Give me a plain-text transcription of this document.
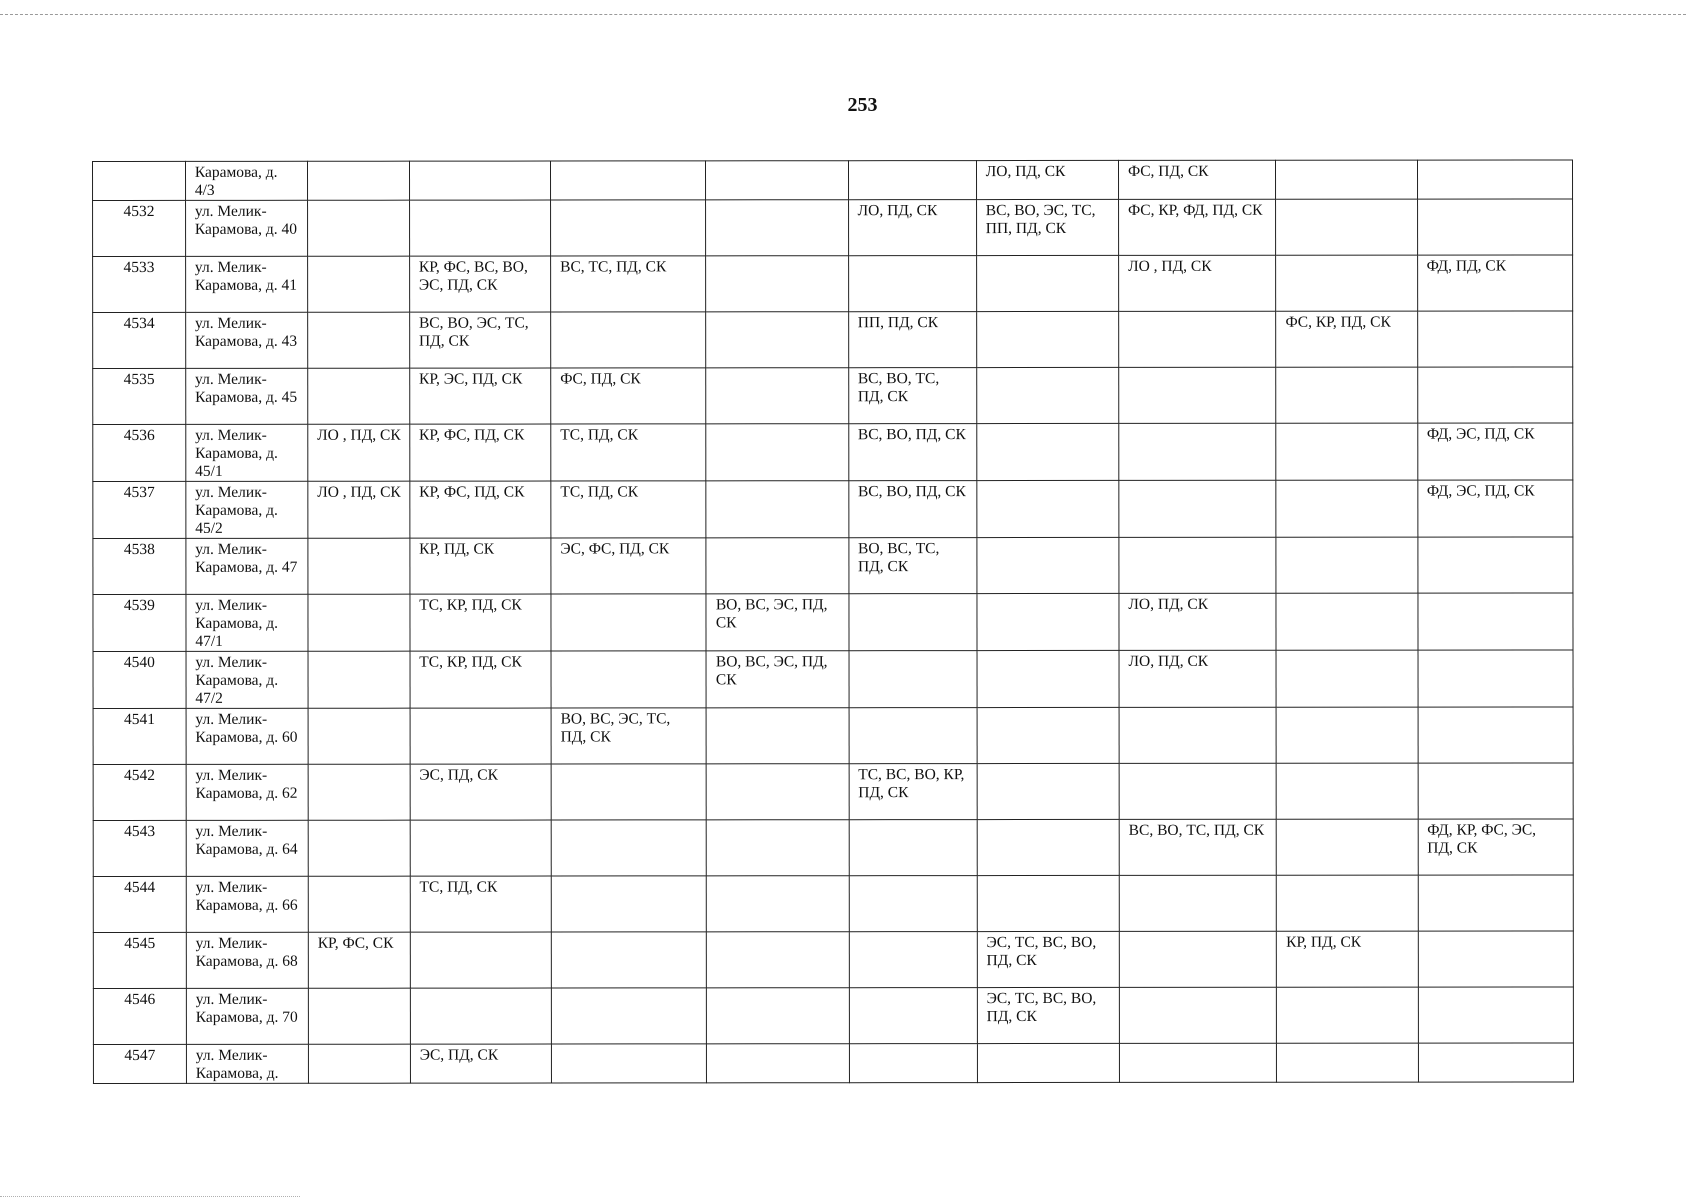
253
	Карамова, д. 4/3						ЛО, ПД, СК	ФС, ПД, СК		
4532	ул. Мелик-Карамова, д. 40					ЛО, ПД, СК	ВС, ВО, ЭС, ТС, ПП, ПД, СК	ФС, КР, ФД, ПД, СК		
4533	ул. Мелик-Карамова, д. 41		КР, ФС, ВС, ВО, ЭС, ПД, СК	ВС, ТС, ПД, СК				ЛО , ПД, СК		ФД, ПД, СК
4534	ул. Мелик-Карамова, д. 43		ВС, ВО, ЭС, ТС, ПД, СК			ПП, ПД, СК			ФС, КР, ПД, СК	
4535	ул. Мелик-Карамова, д. 45		КР, ЭС, ПД, СК	ФС, ПД, СК		ВС, ВО, ТС, ПД, СК				
4536	ул. Мелик-Карамова, д. 45/1	ЛО , ПД, СК	КР, ФС, ПД, СК	ТС, ПД, СК		ВС, ВО, ПД, СК				ФД, ЭС, ПД, СК
4537	ул. Мелик-Карамова, д. 45/2	ЛО , ПД, СК	КР, ФС, ПД, СК	ТС, ПД, СК		ВС, ВО, ПД, СК				ФД, ЭС, ПД, СК
4538	ул. Мелик-Карамова, д. 47		КР, ПД, СК	ЭС, ФС, ПД, СК		ВО, ВС, ТС, ПД, СК				
4539	ул. Мелик-Карамова, д. 47/1		ТС, КР, ПД, СК		ВО, ВС, ЭС, ПД, СК			ЛО, ПД, СК		
4540	ул. Мелик-Карамова, д. 47/2		ТС, КР, ПД, СК		ВО, ВС, ЭС, ПД, СК			ЛО, ПД, СК		
4541	ул. Мелик-Карамова, д. 60			ВО, ВС, ЭС, ТС, ПД, СК						
4542	ул. Мелик-Карамова, д. 62		ЭС, ПД, СК			ТС, ВС, ВО, КР, ПД, СК				
4543	ул. Мелик-Карамова, д. 64							ВС, ВО, ТС, ПД, СК		ФД, КР, ФС, ЭС, ПД, СК
4544	ул. Мелик-Карамова, д. 66		ТС, ПД, СК							
4545	ул. Мелик-Карамова, д. 68	КР, ФС, СК					ЭС, ТС, ВС, ВО, ПД, СК		КР, ПД, СК	
4546	ул. Мелик-Карамова, д. 70						ЭС, ТС, ВС, ВО, ПД, СК			
4547	ул. Мелик-Карамова, д.		ЭС, ПД, СК							
